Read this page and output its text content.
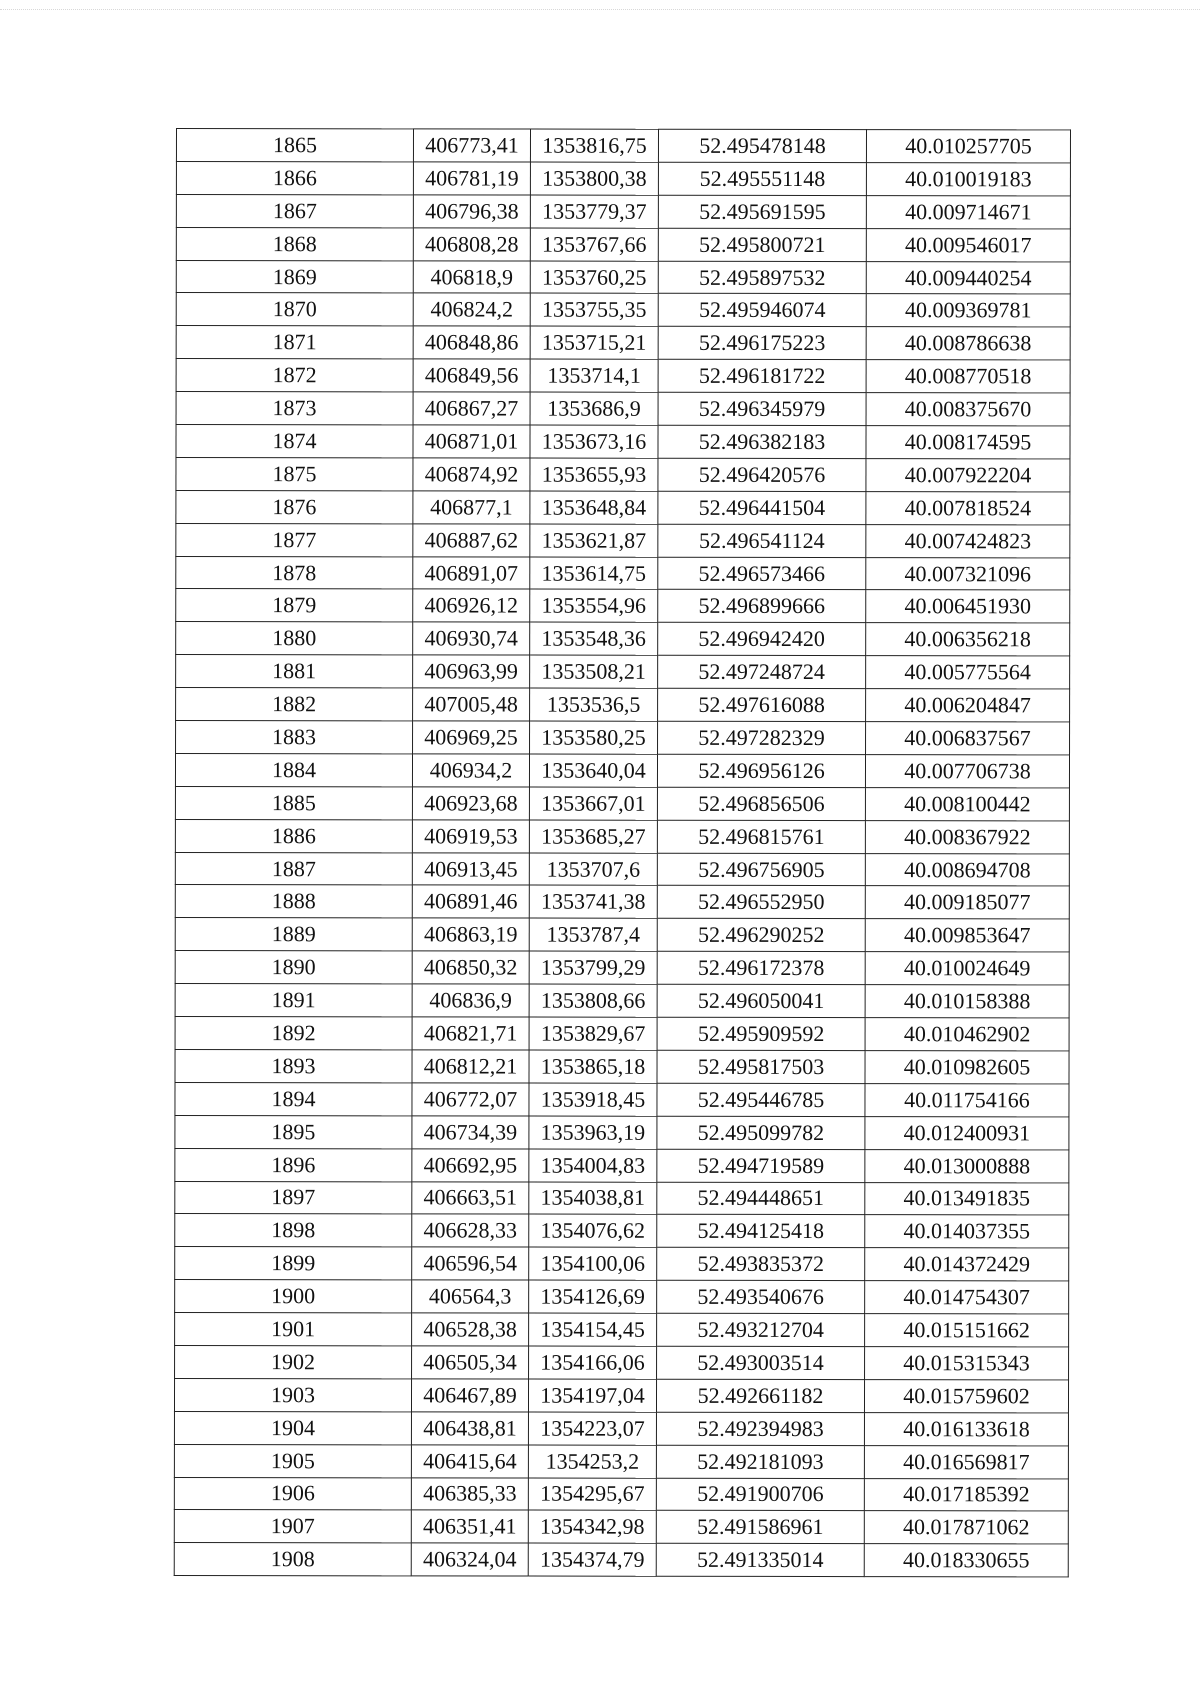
1865	406773,41	1353816,75	52.495478148	40.010257705
1866	406781,19	1353800,38	52.495551148	40.010019183
1867	406796,38	1353779,37	52.495691595	40.009714671
1868	406808,28	1353767,66	52.495800721	40.009546017
1869	406818,9	1353760,25	52.495897532	40.009440254
1870	406824,2	1353755,35	52.495946074	40.009369781
1871	406848,86	1353715,21	52.496175223	40.008786638
1872	406849,56	1353714,1	52.496181722	40.008770518
1873	406867,27	1353686,9	52.496345979	40.008375670
1874	406871,01	1353673,16	52.496382183	40.008174595
1875	406874,92	1353655,93	52.496420576	40.007922204
1876	406877,1	1353648,84	52.496441504	40.007818524
1877	406887,62	1353621,87	52.496541124	40.007424823
1878	406891,07	1353614,75	52.496573466	40.007321096
1879	406926,12	1353554,96	52.496899666	40.006451930
1880	406930,74	1353548,36	52.496942420	40.006356218
1881	406963,99	1353508,21	52.497248724	40.005775564
1882	407005,48	1353536,5	52.497616088	40.006204847
1883	406969,25	1353580,25	52.497282329	40.006837567
1884	406934,2	1353640,04	52.496956126	40.007706738
1885	406923,68	1353667,01	52.496856506	40.008100442
1886	406919,53	1353685,27	52.496815761	40.008367922
1887	406913,45	1353707,6	52.496756905	40.008694708
1888	406891,46	1353741,38	52.496552950	40.009185077
1889	406863,19	1353787,4	52.496290252	40.009853647
1890	406850,32	1353799,29	52.496172378	40.010024649
1891	406836,9	1353808,66	52.496050041	40.010158388
1892	406821,71	1353829,67	52.495909592	40.010462902
1893	406812,21	1353865,18	52.495817503	40.010982605
1894	406772,07	1353918,45	52.495446785	40.011754166
1895	406734,39	1353963,19	52.495099782	40.012400931
1896	406692,95	1354004,83	52.494719589	40.013000888
1897	406663,51	1354038,81	52.494448651	40.013491835
1898	406628,33	1354076,62	52.494125418	40.014037355
1899	406596,54	1354100,06	52.493835372	40.014372429
1900	406564,3	1354126,69	52.493540676	40.014754307
1901	406528,38	1354154,45	52.493212704	40.015151662
1902	406505,34	1354166,06	52.493003514	40.015315343
1903	406467,89	1354197,04	52.492661182	40.015759602
1904	406438,81	1354223,07	52.492394983	40.016133618
1905	406415,64	1354253,2	52.492181093	40.016569817
1906	406385,33	1354295,67	52.491900706	40.017185392
1907	406351,41	1354342,98	52.491586961	40.017871062
1908	406324,04	1354374,79	52.491335014	40.018330655
